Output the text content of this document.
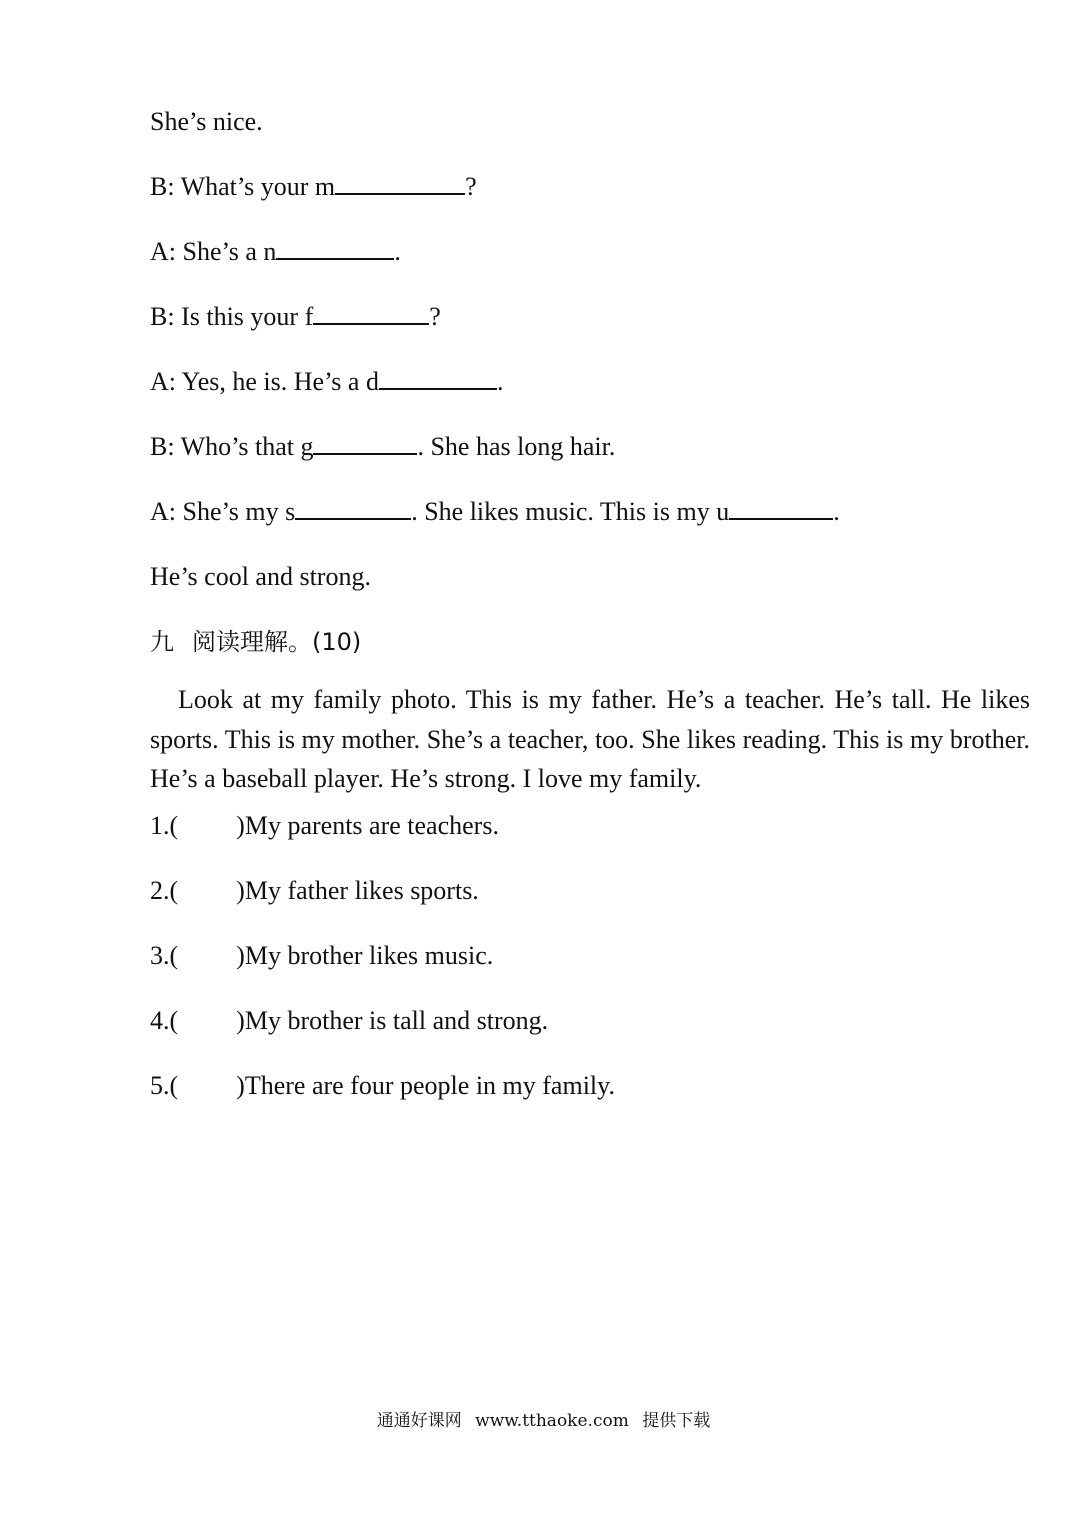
She’s nice.
B: What’s your m	?
A: She’s a n	.
B: Is this your f	?
A: Yes, he is. He’s a d	.
B: Who’s that g	. She has long hair.
A: She’s my s	. She likes music. This is my u	.
He’s cool and strong.
九 阅读理解。(10)
Look at my family photo. This is my father. He’s a teacher. He’s tall. He likes sports. This is my mother. She’s a teacher, too. She likes reading. This is my brother. He’s a baseball player. He’s strong. I love my family.
1.( )My parents are teachers.
2.( )My father likes sports.
3.( )My brother likes music.
4.( )My brother is tall and strong.
5.( )There are four people in my family.
通通好课网 www.tthaoke.com 提供下载
